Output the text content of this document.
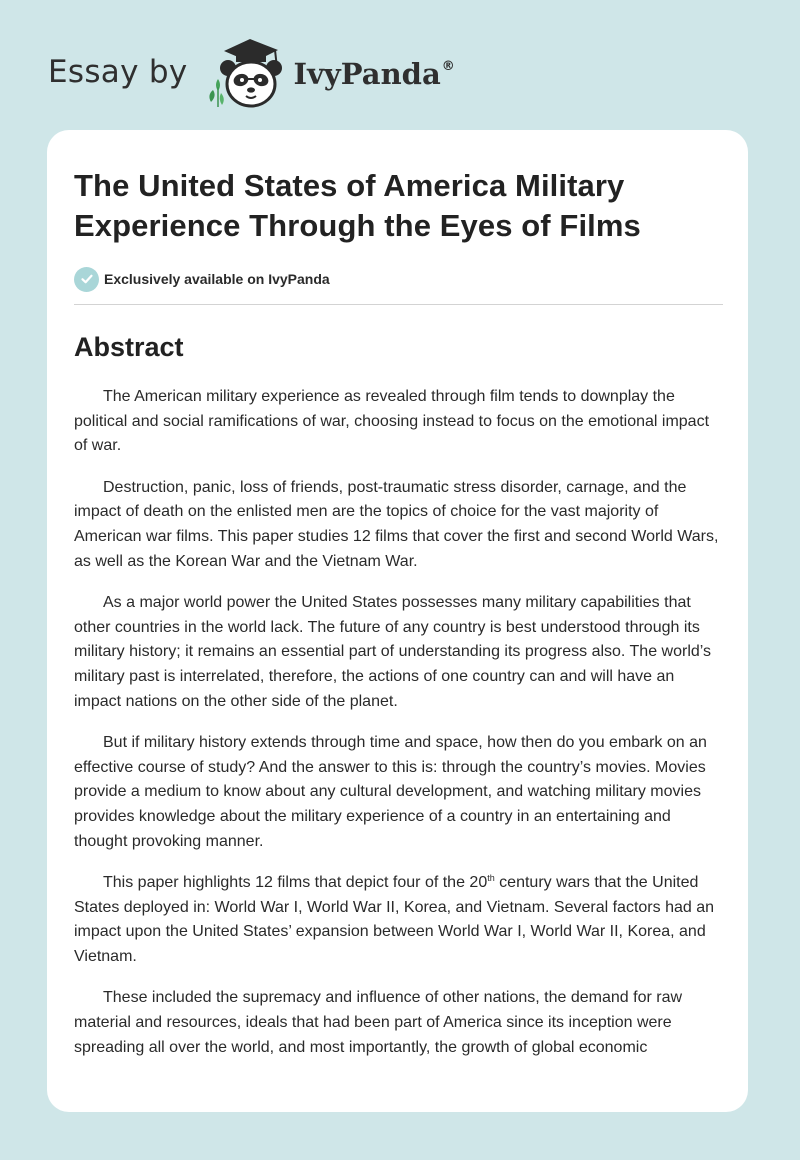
Essay by	IvyPanda®
The United States of America Military
Experience Through the Eyes of Films
Exclusively available on IvyPanda
Abstract

The American military experience as revealed through film tends to downplay the political and social ramifications of war, choosing instead to focus on the emotional impact of war.

Destruction, panic, loss of friends, post-traumatic stress disorder, carnage, and the impact of death on the enlisted men are the topics of choice for the vast majority of American war films. This paper studies 12 films that cover the first and second World Wars, as well as the Korean War and the Vietnam War.

As a major world power the United States possesses many military capabilities that other countries in the world lack. The future of any country is best understood through its military history; it remains an essential part of understanding its progress also. The world’s military past is interrelated, therefore, the actions of one country can and will have an impact nations on the other side of the planet.

But if military history extends through time and space, how then do you embark on an effective course of study? And the answer to this is: through the country’s movies. Movies provide a medium to know about any cultural development, and watching military movies provides knowledge about the military experience of a country in an entertaining and thought provoking manner.

This paper highlights 12 films that depict four of the 20th century wars that the United States deployed in: World War I, World War II, Korea, and Vietnam. Several factors had an impact upon the United States’ expansion between World War I, World War II, Korea, and Vietnam.

These included the supremacy and influence of other nations, the demand for raw material and resources, ideals that had been part of America since its inception were spreading all over the world, and most importantly, the growth of global economic
